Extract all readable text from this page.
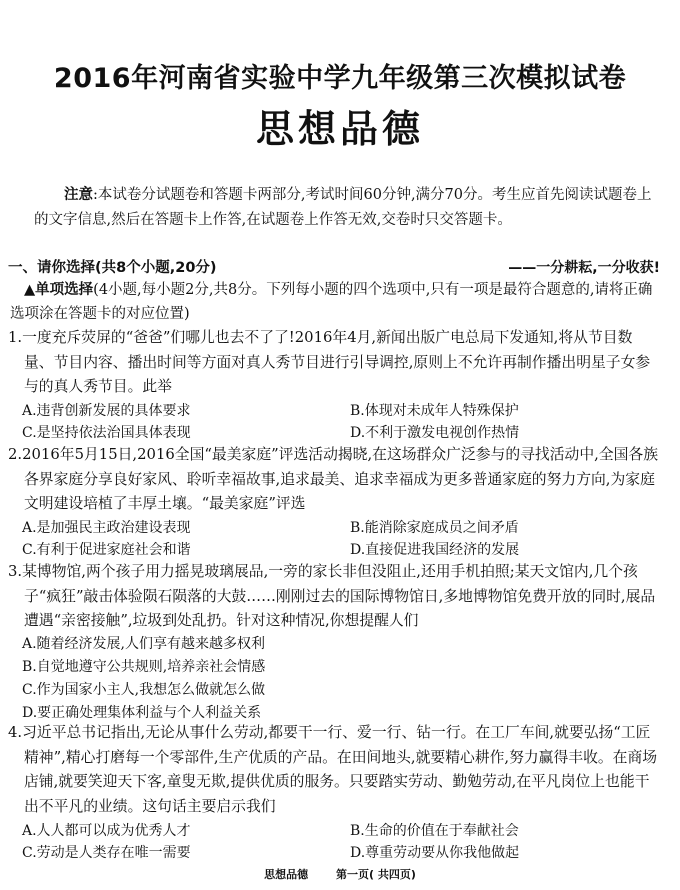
2016年河南省实验中学九年级第三次模拟试卷
思想品德
注意:本试卷分试题卷和答题卡两部分,考试时间60分钟,满分70分。考生应首先阅读试题卷上的文字信息,然后在答题卡上作答,在试题卷上作答无效,交卷时只交答题卡。
一、请你选择(共8个小题,20分)	——一分耕耘,一分收获!
▲单项选择(4小题,每小题2分,共8分。下列每小题的四个选项中,只有一项是最符合题意的,请将正确选项涂在答题卡的对应位置)
1.一度充斥荧屏的“爸爸”们哪儿也去不了了!2016年4月,新闻出版广电总局下发通知,将从节目数量、节目内容、播出时间等方面对真人秀节目进行引导调控,原则上不允许再制作播出明星子女参与的真人秀节目。此举
A.违背创新发展的具体要求	B.体现对未成年人特殊保护
C.是坚持依法治国具体表现	D.不利于激发电视创作热情
2.2016年5月15日,2016全国“最美家庭”评选活动揭晓,在这场群众广泛参与的寻找活动中,全国各族各界家庭分享良好家风、聆听幸福故事,追求最美、追求幸福成为更多普通家庭的努力方向,为家庭文明建设培植了丰厚土壤。“最美家庭”评选
A.是加强民主政治建设表现	B.能消除家庭成员之间矛盾
C.有利于促进家庭社会和谐	D.直接促进我国经济的发展
3.某博物馆,两个孩子用力摇晃玻璃展品,一旁的家长非但没阻止,还用手机拍照;某天文馆内,几个孩子“疯狂”敲击体验陨石陨落的大鼓……刚刚过去的国际博物馆日,多地博物馆免费开放的同时,展品遭遇“亲密接触”,垃圾到处乱扔。针对这种情况,你想提醒人们
A.随着经济发展,人们享有越来越多权利
B.自觉地遵守公共规则,培养亲社会情感
C.作为国家小主人,我想怎么做就怎么做
D.要正确处理集体利益与个人利益关系
4.习近平总书记指出,无论从事什么劳动,都要干一行、爱一行、钻一行。在工厂车间,就要弘扬“工匠精神”,精心打磨每一个零部件,生产优质的产品。在田间地头,就要精心耕作,努力赢得丰收。在商场店铺,就要笑迎天下客,童叟无欺,提供优质的服务。只要踏实劳动、勤勉劳动,在平凡岗位上也能干出不平凡的业绩。这句话主要启示我们
A.人人都可以成为优秀人才	B.生命的价值在于奉献社会
C.劳动是人类存在唯一需要	D.尊重劳动要从你我他做起
思想品德	第一页( 共四页)
